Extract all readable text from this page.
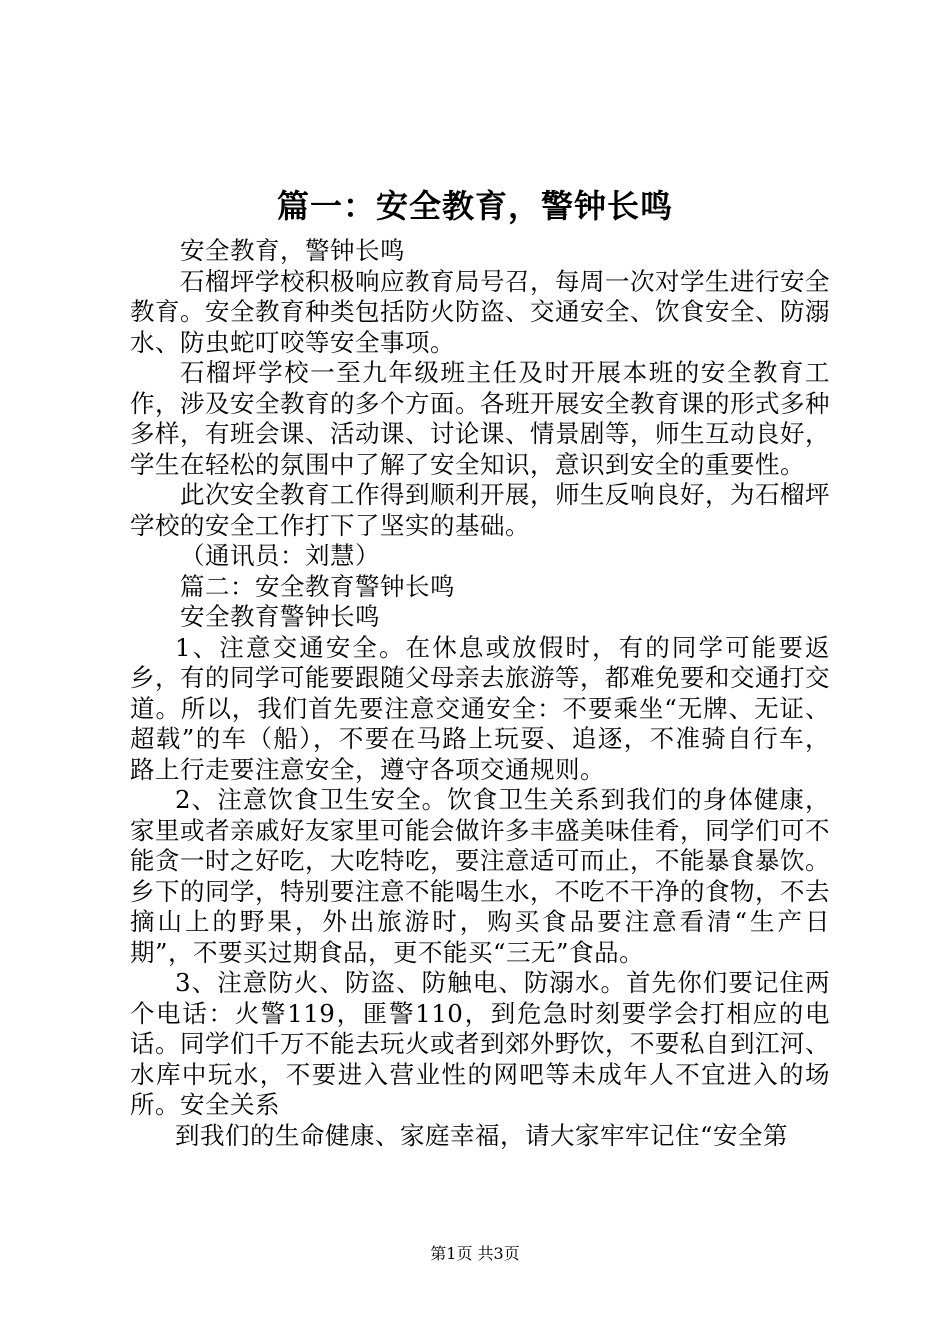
篇一：安全教育，警钟长鸣

安全教育，警钟长鸣

石榴坪学校积极响应教育局号召，每周一次对学生进行安全教育。安全教育种类包括防火防盗、交通安全、饮食安全、防溺水、防虫蛇叮咬等安全事项。

石榴坪学校一至九年级班主任及时开展本班的安全教育工作，涉及安全教育的多个方面。各班开展安全教育课的形式多种多样，有班会课、活动课、讨论课、情景剧等，师生互动良好，学生在轻松的氛围中了解了安全知识，意识到安全的重要性。

此次安全教育工作得到顺利开展，师生反响良好，为石榴坪学校的安全工作打下了坚实的基础。

（通讯员：刘慧）

篇二：安全教育警钟长鸣

安全教育警钟长鸣

1、注意交通安全。在休息或放假时，有的同学可能要返乡，有的同学可能要跟随父母亲去旅游等，都难免要和交通打交道。所以，我们首先要注意交通安全：不要乘坐“无牌、无证、超载”的车（船），不要在马路上玩耍、追逐，不准骑自行车，路上行走要注意安全，遵守各项交通规则。

2、注意饮食卫生安全。饮食卫生关系到我们的身体健康，家里或者亲戚好友家里可能会做许多丰盛美味佳肴，同学们可不能贪一时之好吃，大吃特吃，要注意适可而止，不能暴食暴饮。乡下的同学，特别要注意不能喝生水，不吃不干净的食物，不去摘山上的野果，外出旅游时，购买食品要注意看清“生产日期”，不要买过期食品，更不能买“三无”食品。

3、注意防火、防盗、防触电、防溺水。首先你们要记住两个电话：火警119，匪警110，到危急时刻要学会打相应的电话。同学们千万不能去玩火或者到郊外野饮，不要私自到江河、水库中玩水，不要进入营业性的网吧等未成年人不宜进入的场所。安全关系

到我们的生命健康、家庭幸福，请大家牢牢记住“安全第

第1页 共3页
